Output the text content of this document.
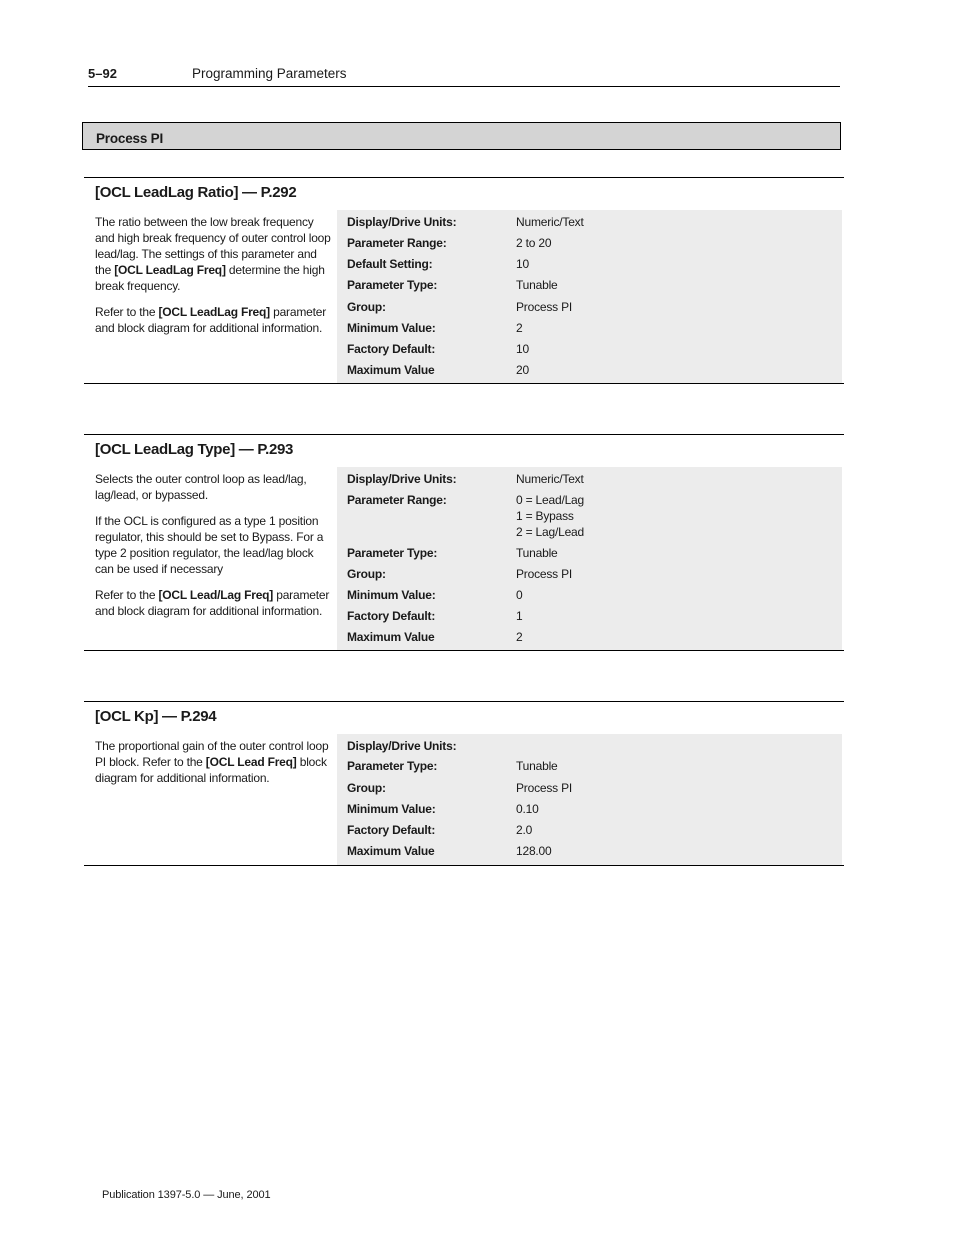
5–92	Programming Parameters
Process PI
[OCL LeadLag Ratio] — P.292

The ratio between the low break frequency and high break frequency of outer control loop lead/lag. The settings of this parameter and the [OCL LeadLag Freq] determine the high break frequency.

Refer to the [OCL LeadLag Freq] parameter and block diagram for additional information.

Display/Drive Units:	Numeric/Text
Parameter Range:	2 to 20
Default Setting:	10
Parameter Type:	Tunable
Group:	Process PI
Minimum Value:	2
Factory Default:	10
Maximum Value	20
[OCL LeadLag Type] — P.293

Selects the outer control loop as lead/lag, lag/lead, or bypassed.

If the OCL is configured as a type 1 position regulator, this should be set to Bypass. For a type 2 position regulator, the lead/lag block can be used if necessary

Refer to the [OCL Lead/Lag Freq] parameter and block diagram for additional information.

Display/Drive Units:	Numeric/Text
Parameter Range:	0 = Lead/Lag
1 = Bypass
2 = Lag/Lead
Parameter Type:	Tunable
Group:	Process PI
Minimum Value:	0
Factory Default:	1
Maximum Value	2
[OCL Kp] — P.294

The proportional gain of the outer control loop PI block. Refer to the [OCL Lead Freq] block diagram for additional information.

Display/Drive Units:
Parameter Type:	Tunable
Group:	Process PI
Minimum Value:	0.10
Factory Default:	2.0
Maximum Value	128.00
Publication 1397-5.0 — June, 2001
